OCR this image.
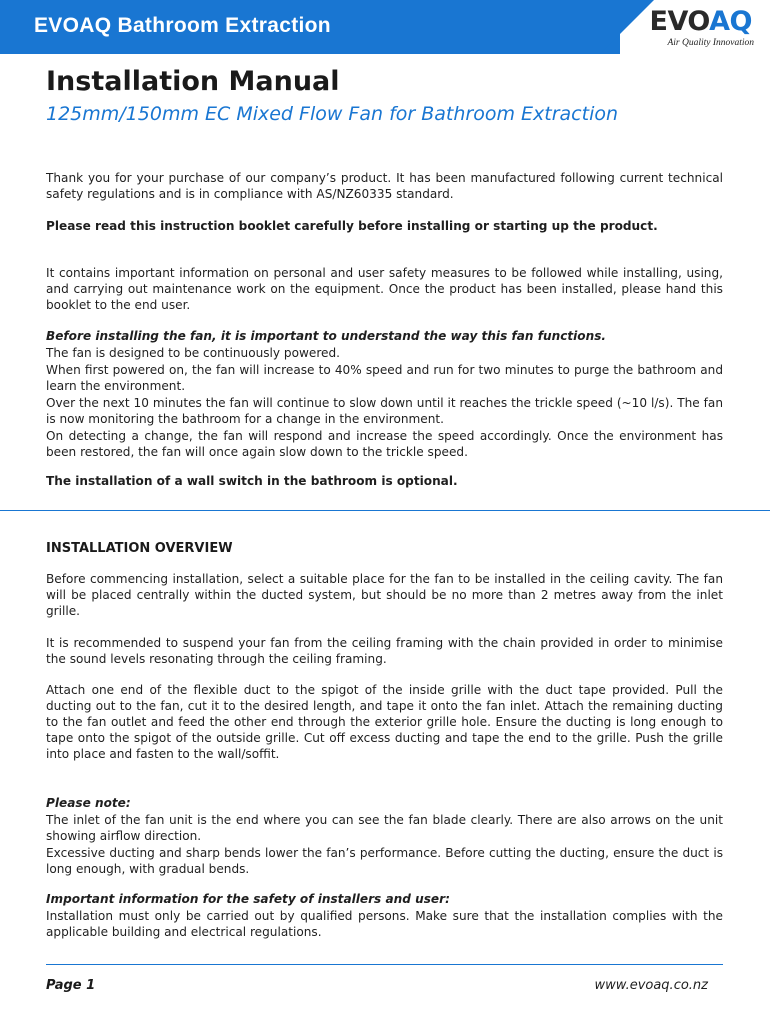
EVOAQ Bathroom Extraction	EVOAQ
Air Quality Innovation
Installation Manual
125mm/150mm EC Mixed Flow Fan for Bathroom Extraction

Thank you for your purchase of our company’s product. It has been manufactured following current technical safety regulations and is in compliance with AS/NZ60335 standard.

Please read this instruction booklet carefully before installing or starting up the product.

It contains important information on personal and user safety measures to be followed while installing, using, and carrying out maintenance work on the equipment. Once the product has been installed, please hand this booklet to the end user.

Before installing the fan, it is important to understand the way this fan functions.

The fan is designed to be continuously powered.

When first powered on, the fan will increase to 40% speed and run for two minutes to purge the bathroom and learn the environment.

Over the next 10 minutes the fan will continue to slow down until it reaches the trickle speed (~10 l/s). The fan is now monitoring the bathroom for a change in the environment.

On detecting a change, the fan will respond and increase the speed accordingly. Once the environment has been restored, the fan will once again slow down to the trickle speed.

The installation of a wall switch in the bathroom is optional.

INSTALLATION OVERVIEW

Before commencing installation, select a suitable place for the fan to be installed in the ceiling cavity. The fan will be placed centrally within the ducted system, but should be no more than 2 metres away from the inlet grille.

It is recommended to suspend your fan from the ceiling framing with the chain provided in order to minimise the sound levels resonating through the ceiling framing.

Attach one end of the flexible duct to the spigot of the inside grille with the duct tape provided. Pull the ducting out to the fan, cut it to the desired length, and tape it onto the fan inlet. Attach the remaining ducting to the fan outlet and feed the other end through the exterior grille hole. Ensure the ducting is long enough to tape onto the spigot of the outside grille. Cut off excess ducting and tape the end to the grille. Push the grille into place and fasten to the wall/soffit.

Please note:

The inlet of the fan unit is the end where you can see the fan blade clearly. There are also arrows on the unit showing airflow direction.

Excessive ducting and sharp bends lower the fan’s performance. Before cutting the ducting, ensure the duct is long enough, with gradual bends.

Important information for the safety of installers and user:

Installation must only be carried out by qualified persons. Make sure that the installation complies with the applicable building and electrical regulations.

Page 1	www.evoaq.co.nz
